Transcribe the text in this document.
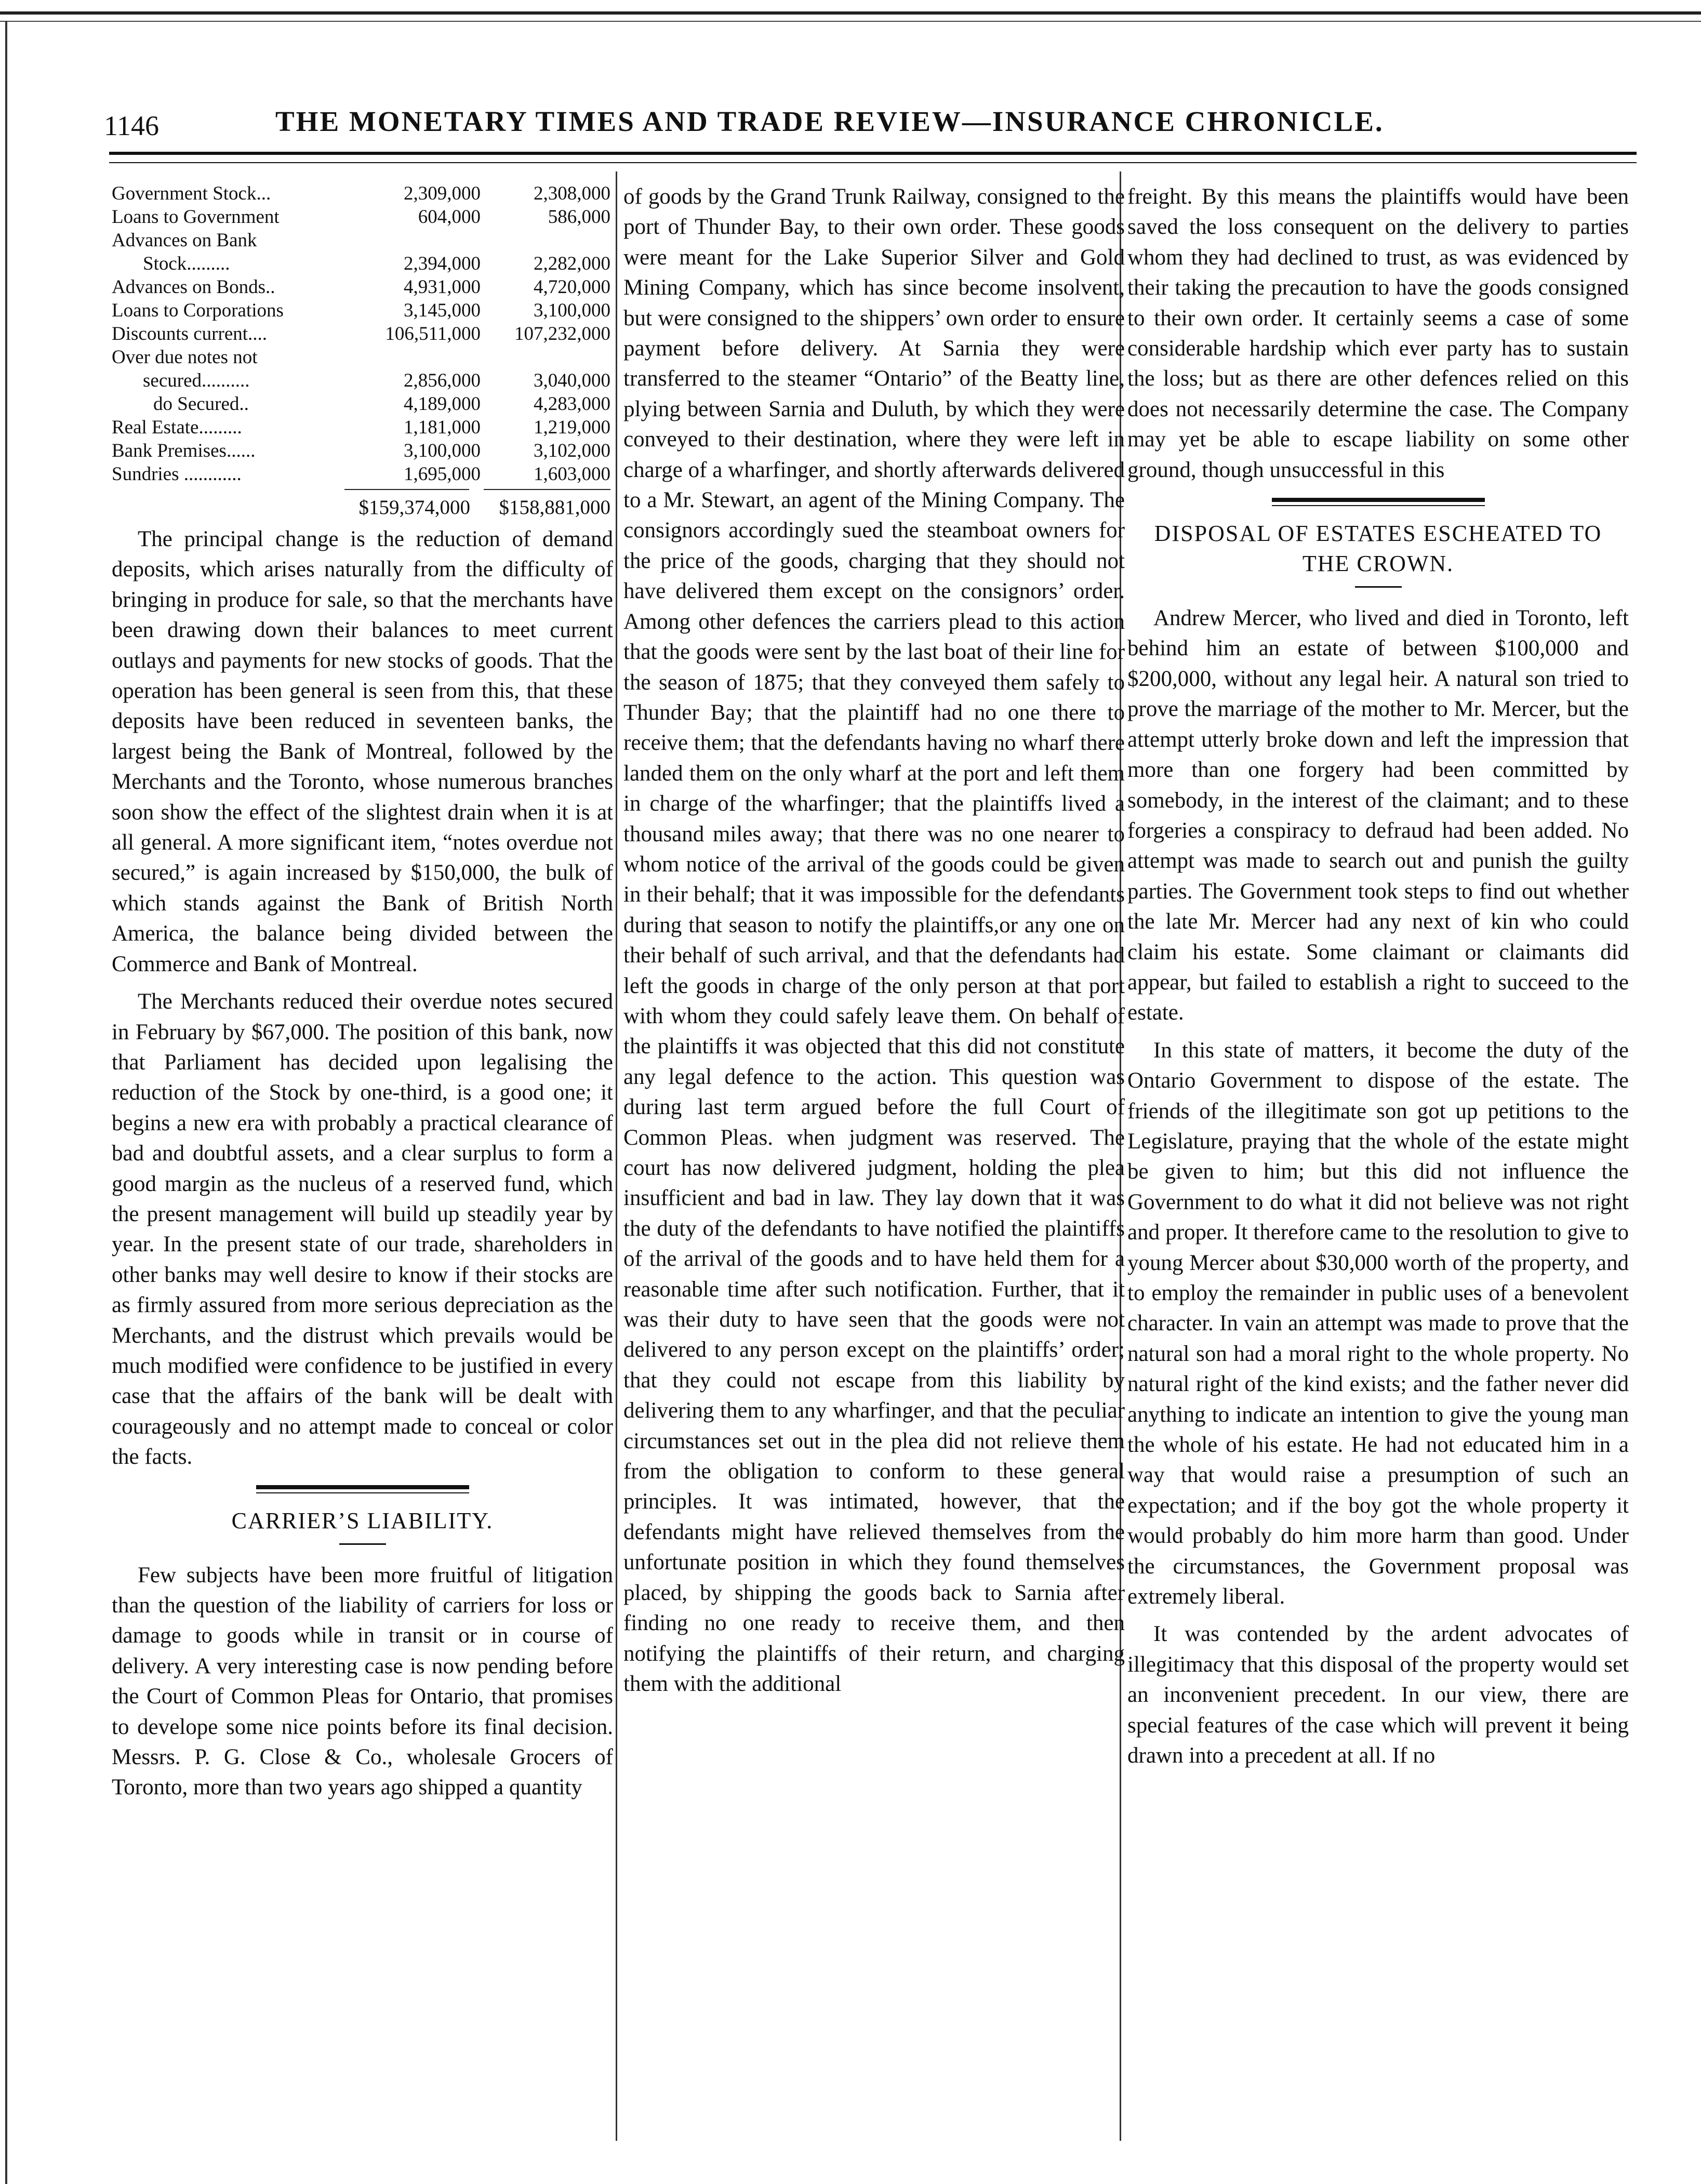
1146	THE MONETARY TIMES AND TRADE REVIEW—INSURANCE CHRONICLE.
Government Stock...	2,309,000	2,308,000
Loans to Government	604,000	586,000
Advances on Bank		
Stock.........	2,394,000	2,282,000
Advances on Bonds..	4,931,000	4,720,000
Loans to Corporations	3,145,000	3,100,000
Discounts current....	106,511,000	107,232,000
Over due notes not		
secured..........	2,856,000	3,040,000
do Secured..	4,189,000	4,283,000
Real Estate.........	1,181,000	1,219,000
Bank Premises......	3,100,000	3,102,000
Sundries ............	1,695,000	1,603,000
$159,374,000	$158,881,000

The principal change is the reduction of demand deposits, which arises naturally from the difficulty of bringing in produce for sale, so that the merchants have been drawing down their balances to meet current outlays and payments for new stocks of goods. That the operation has been general is seen from this, that these deposits have been reduced in seventeen banks, the largest being the Bank of Montreal, followed by the Merchants and the Toronto, whose numerous branches soon show the effect of the slightest drain when it is at all general. A more significant item, “notes overdue not secured,” is again increased by $150,000, the bulk of which stands against the Bank of British North America, the balance being divided between the Commerce and Bank of Montreal.

The Merchants reduced their overdue notes secured in February by $67,000. The position of this bank, now that Parliament has decided upon legalising the reduction of the Stock by one-third, is a good one; it begins a new era with probably a practical clearance of bad and doubtful assets, and a clear surplus to form a good margin as the nucleus of a reserved fund, which the present management will build up steadily year by year. In the present state of our trade, shareholders in other banks may well desire to know if their stocks are as firmly assured from more serious depreciation as the Merchants, and the distrust which prevails would be much modified were confidence to be justified in every case that the affairs of the bank will be dealt with courageously and no attempt made to conceal or color the facts.

CARRIER’S LIABILITY.

Few subjects have been more fruitful of litigation than the question of the liability of carriers for loss or damage to goods while in transit or in course of delivery. A very interesting case is now pending before the Court of Common Pleas for Ontario, that promises to develope some nice points before its final decision. Messrs. P. G. Close & Co., wholesale Grocers of Toronto, more than two years ago shipped a quantity

of goods by the Grand Trunk Railway, consigned to the port of Thunder Bay, to their own order. These goods were meant for the Lake Superior Silver and Gold Mining Company, which has since become insolvent, but were consigned to the shippers’ own order to ensure payment before delivery. At Sarnia they were transferred to the steamer “Ontario” of the Beatty line, plying between Sarnia and Duluth, by which they were conveyed to their destination, where they were left in charge of a wharfinger, and shortly afterwards delivered to a Mr. Stewart, an agent of the Mining Company. The consignors accordingly sued the steamboat owners for the price of the goods, charging that they should not have delivered them except on the consignors’ order. Among other defences the carriers plead to this action that the goods were sent by the last boat of their line for the season of 1875; that they conveyed them safely to Thunder Bay; that the plaintiff had no one there to receive them; that the defendants having no wharf there landed them on the only wharf at the port and left them in charge of the wharfinger; that the plaintiffs lived a thousand miles away; that there was no one nearer to whom notice of the arrival of the goods could be given in their behalf; that it was impossible for the defendants during that season to notify the plaintiffs,or any one on their behalf of such arrival, and that the defendants had left the goods in charge of the only person at that port with whom they could safely leave them. On behalf of the plaintiffs it was objected that this did not constitute any legal defence to the action. This question was during last term argued before the full Court of Common Pleas. when judgment was reserved. The court has now delivered judgment, holding the plea insufficient and bad in law. They lay down that it was the duty of the defendants to have notified the plaintiffs of the arrival of the goods and to have held them for a reasonable time after such notification. Further, that it was their duty to have seen that the goods were not delivered to any person except on the plaintiffs’ order; that they could not escape from this liability by delivering them to any wharfinger, and that the peculiar circumstances set out in the plea did not relieve them from the obligation to conform to these general principles. It was intimated, however, that the defendants might have relieved themselves from the unfortunate position in which they found themselves placed, by shipping the goods back to Sarnia after finding no one ready to receive them, and then notifying the plaintiffs of their return, and charging them with the additional

freight. By this means the plaintiffs would have been saved the loss consequent on the delivery to parties whom they had declined to trust, as was evidenced by their taking the precaution to have the goods consigned to their own order. It certainly seems a case of some considerable hardship which ever party has to sustain the loss; but as there are other defences relied on this does not necessarily determine the case. The Company may yet be able to escape liability on some other ground, though unsuccessful in this

DISPOSAL OF ESTATES ESCHEATED TO THE CROWN.

Andrew Mercer, who lived and died in Toronto, left behind him an estate of between $100,000 and $200,000, without any legal heir. A natural son tried to prove the marriage of the mother to Mr. Mercer, but the attempt utterly broke down and left the impression that more than one forgery had been committed by somebody, in the interest of the claimant; and to these forgeries a conspiracy to defraud had been added. No attempt was made to search out and punish the guilty parties. The Government took steps to find out whether the late Mr. Mercer had any next of kin who could claim his estate. Some claimant or claimants did appear, but failed to establish a right to succeed to the estate.

In this state of matters, it become the duty of the Ontario Government to dispose of the estate. The friends of the illegitimate son got up petitions to the Legislature, praying that the whole of the estate might be given to him; but this did not influence the Government to do what it did not believe was not right and proper. It therefore came to the resolution to give to young Mercer about $30,000 worth of the property, and to employ the remainder in public uses of a benevolent character. In vain an attempt was made to prove that the natural son had a moral right to the whole property. No natural right of the kind exists; and the father never did anything to indicate an intention to give the young man the whole of his estate. He had not educated him in a way that would raise a presumption of such an expectation; and if the boy got the whole property it would probably do him more harm than good. Under the circumstances, the Government proposal was extremely liberal.

It was contended by the ardent advocates of illegitimacy that this disposal of the property would set an inconvenient precedent. In our view, there are special features of the case which will prevent it being drawn into a precedent at all. If no
